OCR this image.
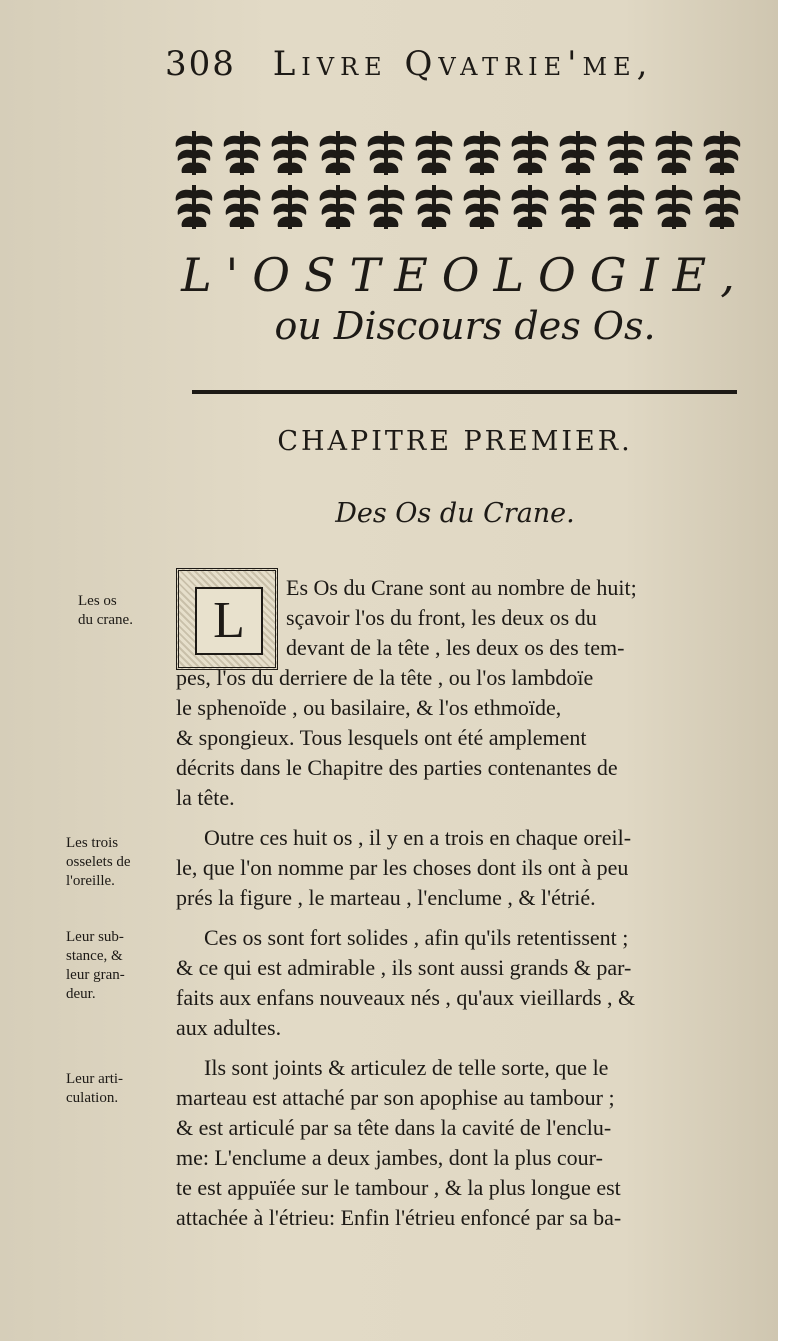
308 Livre Qvatrie'me,
L'OSTEOLOGIE,
ou Discours des Os.
CHAPITRE PREMIER.
Des Os du Crane.
L
Es Os du Crane sont au nombre de huit;
sçavoir l'os du front, les deux os du
devant de la tête , les deux os des tem-
pes, l'os du derriere de la tête , ou l'os lambdoïe
le sphenoïde , ou basilaire, & l'os ethmoïde,
& spongieux. Tous lesquels ont été amplement
décrits dans le Chapitre des parties contenantes de
la tête.
Outre ces huit os , il y en a trois en chaque oreil-
le, que l'on nomme par les choses dont ils ont à peu
prés la figure , le marteau , l'enclume , & l'étrié.
Ces os sont fort solides , afin qu'ils retentissent ;
& ce qui est admirable , ils sont aussi grands & par-
faits aux enfans nouveaux nés , qu'aux vieillards , &
aux adultes.
Ils sont joints & articulez de telle sorte, que le
marteau est attaché par son apophise au tambour ;
& est articulé par sa tête dans la cavité de l'enclu-
me: L'enclume a deux jambes, dont la plus cour-
te est appuïée sur le tambour , & la plus longue est
attachée à l'étrieu: Enfin l'étrieu enfoncé par sa ba-
Les os
du crane.
Les trois
osselets de
l'oreille.
Leur sub-
stance, &
leur gran-
deur.
Leur arti-
culation.
